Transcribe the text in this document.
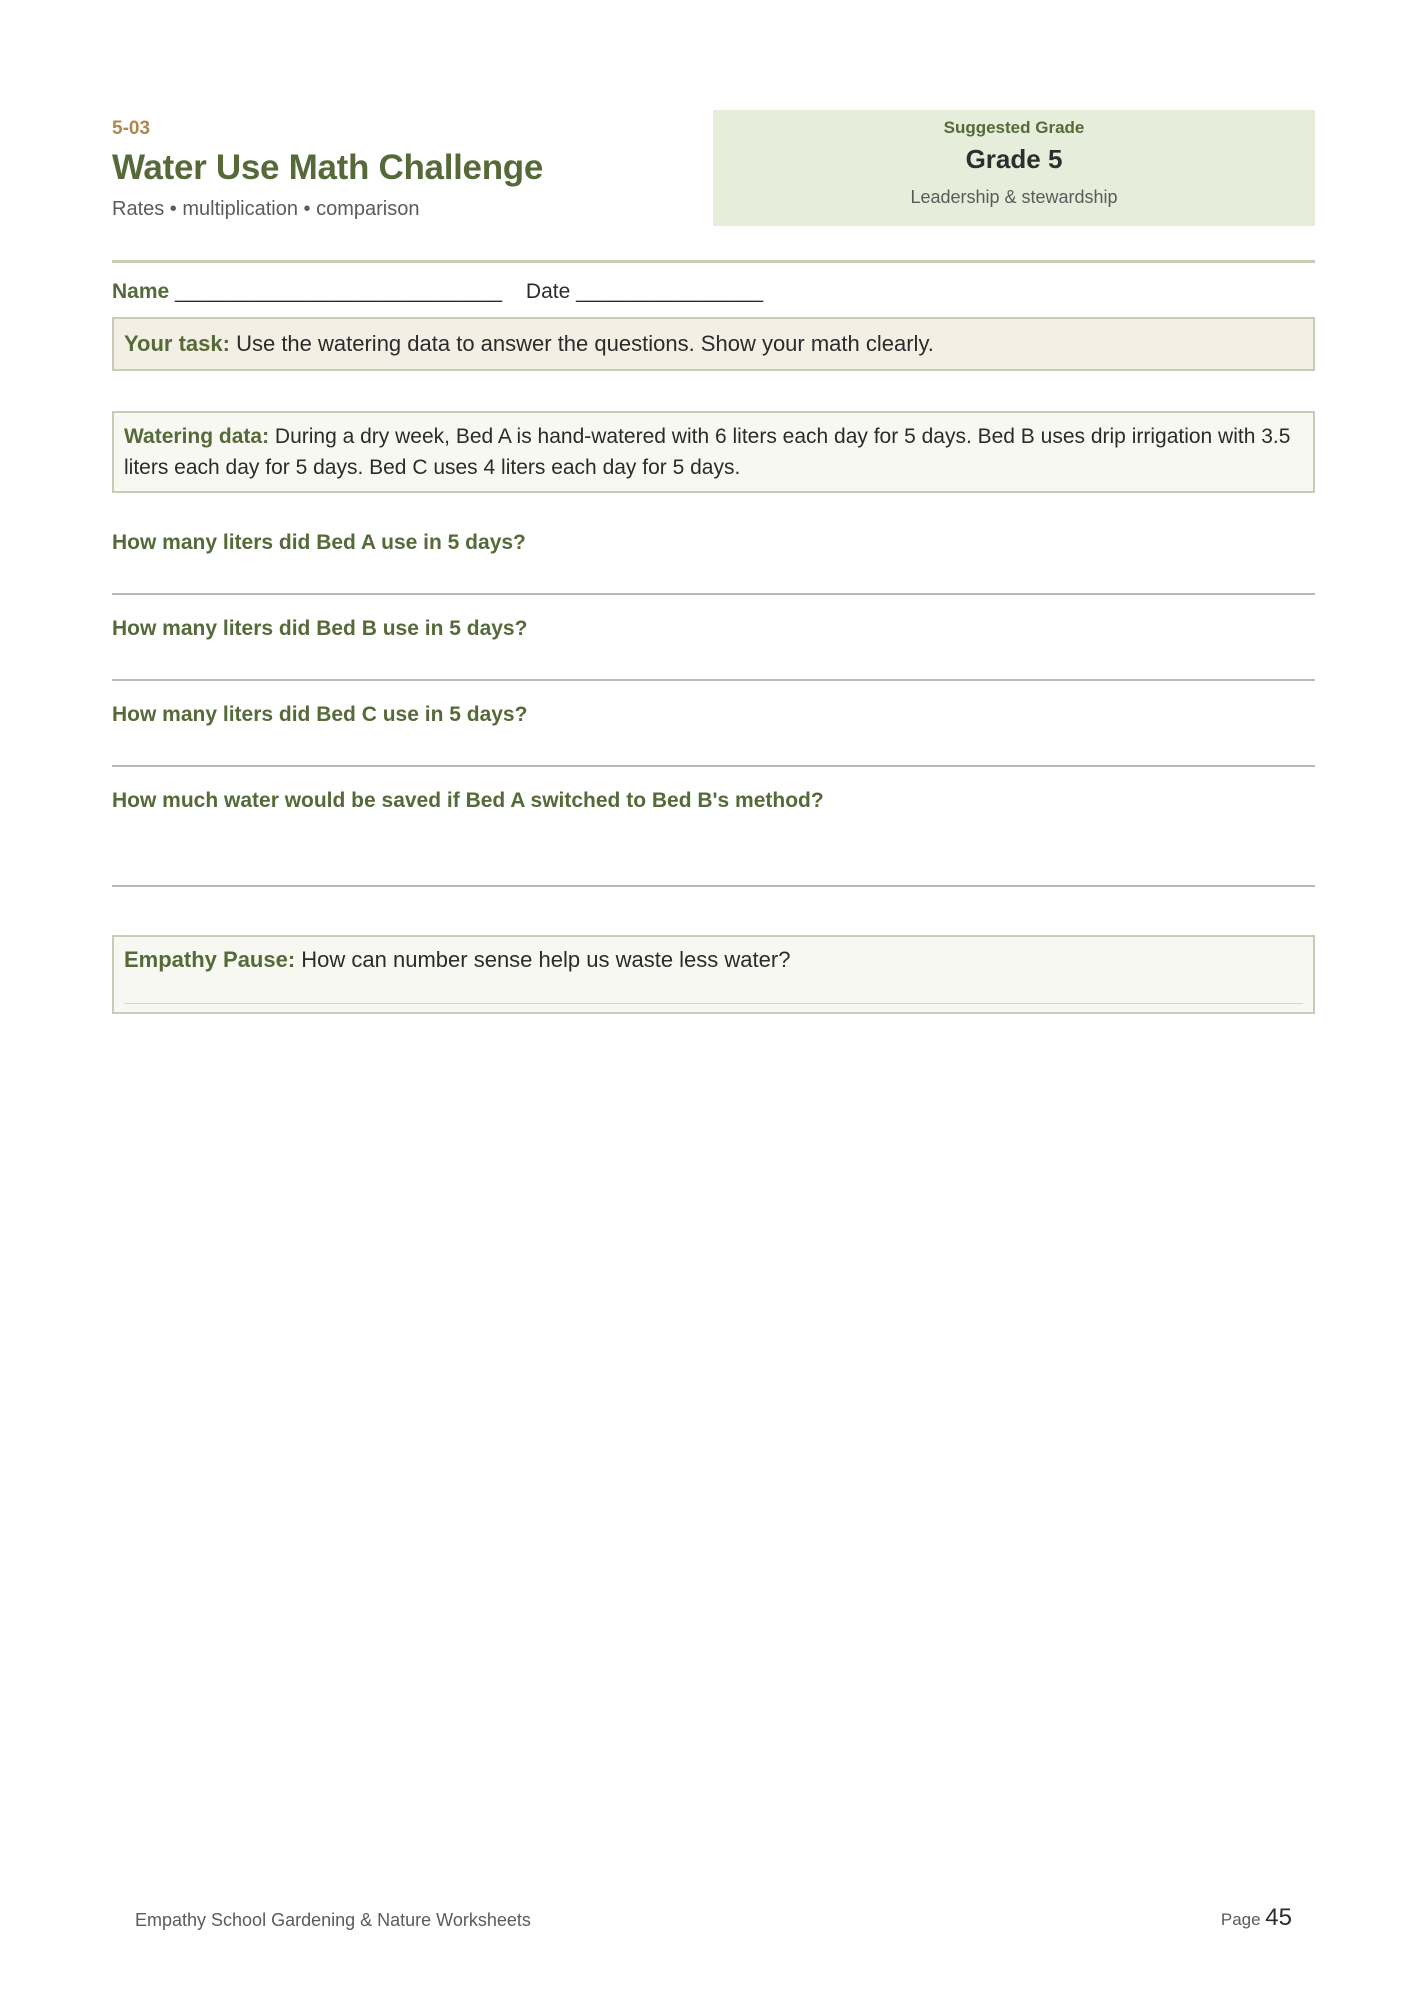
5-03
Water Use Math Challenge
Rates • multiplication • comparison
Suggested Grade
Grade 5
Leadership & stewardship
Name ____________________________ Date ________________
Your task: Use the watering data to answer the questions. Show your math clearly.
Watering data: During a dry week, Bed A is hand-watered with 6 liters each day for 5 days. Bed B uses drip irrigation with 3.5 liters each day for 5 days. Bed C uses 4 liters each day for 5 days.
How many liters did Bed A use in 5 days?
How many liters did Bed B use in 5 days?
How many liters did Bed C use in 5 days?
How much water would be saved if Bed A switched to Bed B's method?
Empathy Pause: How can number sense help us waste less water?
Empathy School Gardening & Nature Worksheets	Page 45
